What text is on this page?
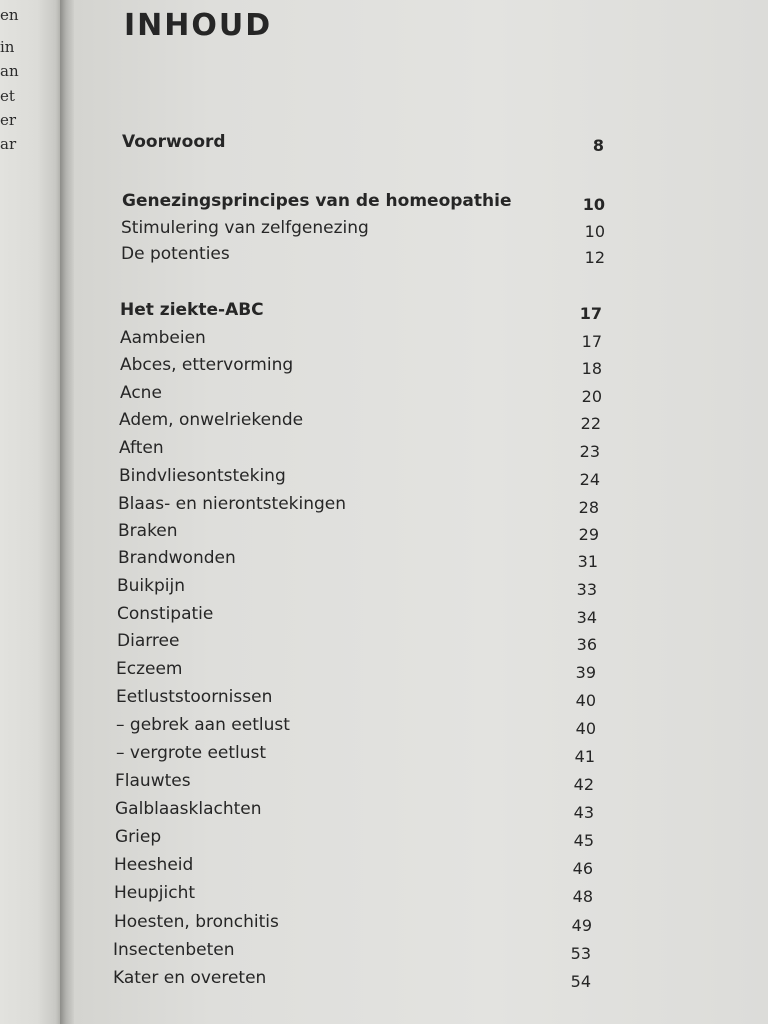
en
in
an
et
er
ar
INHOUD
Voorwoord	8
Genezingsprincipes van de homeopathie	10
Stimulering van zelfgenezing	10
De potenties	12
Het ziekte-ABC	17
Aambeien	17
Abces, ettervorming	18
Acne	20
Adem, onwelriekende	22
Aften	23
Bindvliesontsteking	24
Blaas- en nierontstekingen	28
Braken	29
Brandwonden	31
Buikpijn	33
Constipatie	34
Diarree	36
Eczeem	39
Eetluststoornissen	40
– gebrek aan eetlust	40
– vergrote eetlust	41
Flauwtes	42
Galblaasklachten	43
Griep	45
Heesheid	46
Heupjicht	48
Hoesten, bronchitis	49
Insectenbeten	53
Kater en overeten	54
